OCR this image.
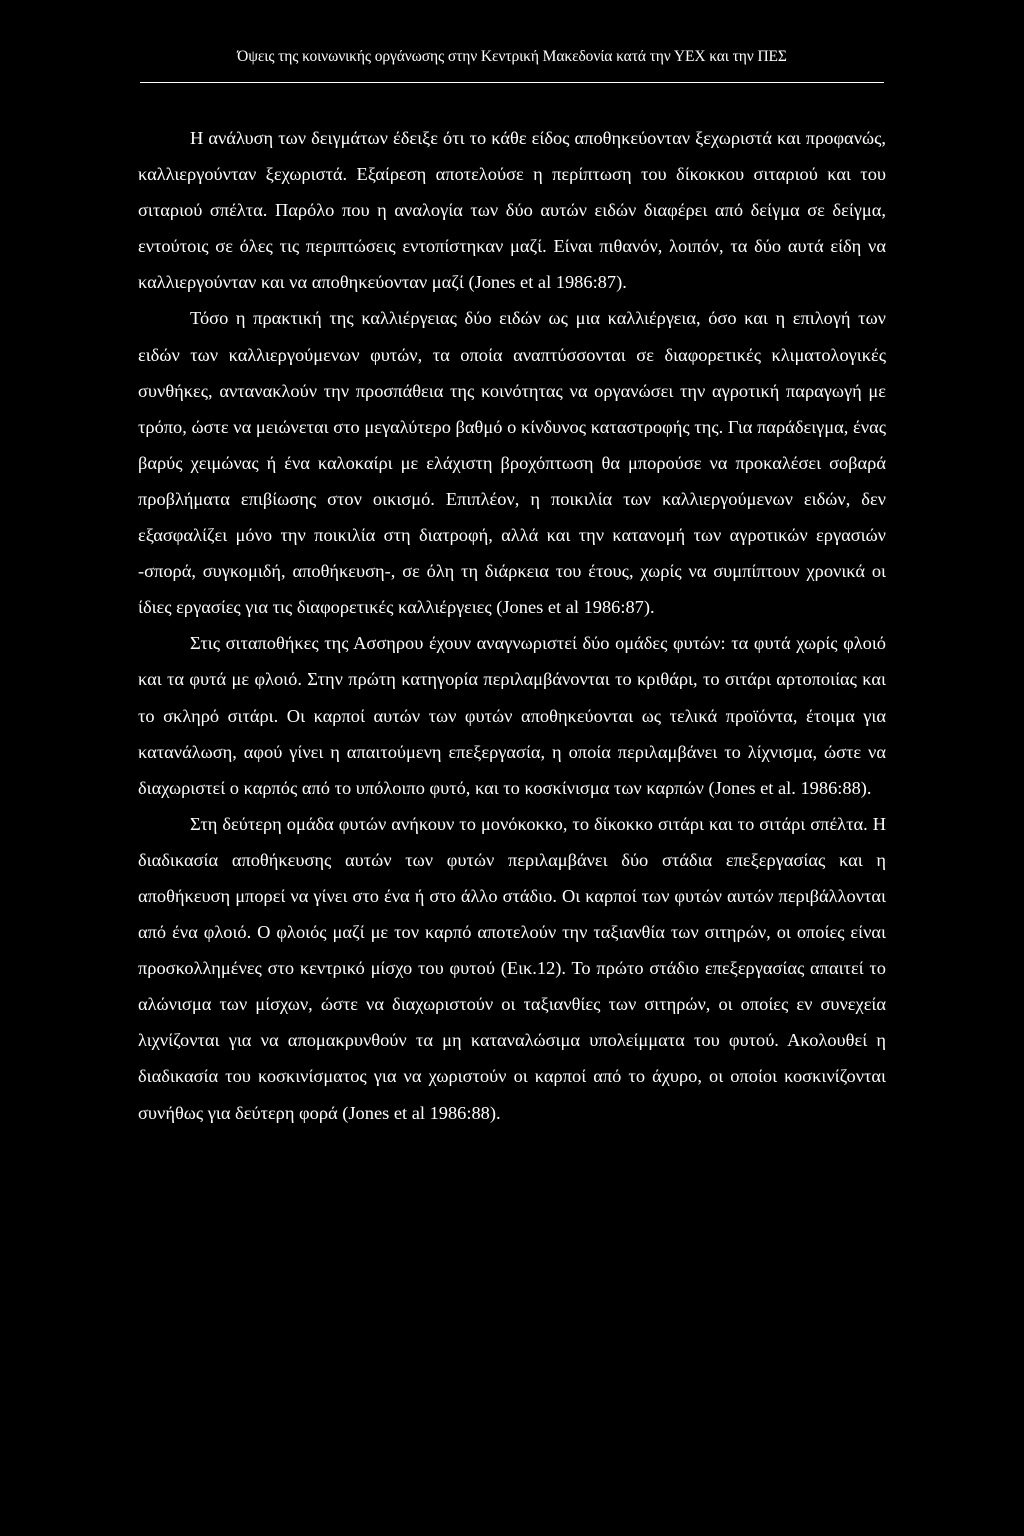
Όψεις της κοινωνικής οργάνωσης στην Κεντρική Μακεδονία κατά την ΥΕΧ και την ΠΕΣ

Η ανάλυση των δειγμάτων έδειξε ότι το κάθε είδος αποθηκεύονταν ξεχωριστά και προφανώς, καλλιεργούνταν ξεχωριστά. Εξαίρεση αποτελούσε η περίπτωση του δίκοκκου σιταριού και του σιταριού σπέλτα. Παρόλο που η αναλογία των δύο αυτών ειδών διαφέρει από δείγμα σε δείγμα, εντούτοις σε όλες τις περιπτώσεις εντοπίστηκαν μαζί. Είναι πιθανόν, λοιπόν, τα δύο αυτά είδη να καλλιεργούνταν και να αποθηκεύονταν μαζί (Jones et al 1986:87).

Τόσο η πρακτική της καλλιέργειας δύο ειδών ως μια καλλιέργεια, όσο και η επιλογή των ειδών των καλλιεργούμενων φυτών, τα οποία αναπτύσσονται σε διαφορετικές κλιματολογικές συνθήκες, αντανακλούν την προσπάθεια της κοινότητας να οργανώσει την αγροτική παραγωγή με τρόπο, ώστε να μειώνεται στο μεγαλύτερο βαθμό ο κίνδυνος καταστροφής της. Για παράδειγμα, ένας βαρύς χειμώνας ή ένα καλοκαίρι με ελάχιστη βροχόπτωση θα μπορούσε να προκαλέσει σοβαρά προβλήματα επιβίωσης στον οικισμό. Επιπλέον, η ποικιλία των καλλιεργούμενων ειδών, δεν εξασφαλίζει μόνο την ποικιλία στη διατροφή, αλλά και την κατανομή των αγροτικών εργασιών -σπορά, συγκομιδή, αποθήκευση-, σε όλη τη διάρκεια του έτους, χωρίς να συμπίπτουν χρονικά οι ίδιες εργασίες για τις διαφορετικές καλλιέργειες (Jones et al 1986:87).

Στις σιταποθήκες της Ασσηρου έχουν αναγνωριστεί δύο ομάδες φυτών: τα φυτά χωρίς φλοιό και τα φυτά με φλοιό. Στην πρώτη κατηγορία περιλαμβάνονται το κριθάρι, το σιτάρι αρτοποιίας και το σκληρό σιτάρι. Οι καρποί αυτών των φυτών αποθηκεύονται ως τελικά προϊόντα, έτοιμα για κατανάλωση, αφού γίνει η απαιτούμενη επεξεργασία, η οποία περιλαμβάνει το λίχνισμα, ώστε να διαχωριστεί ο καρπός από το υπόλοιπο φυτό, και το κοσκίνισμα των καρπών (Jones et al. 1986:88).

Στη δεύτερη ομάδα φυτών ανήκουν το μονόκοκκο, το δίκοκκο σιτάρι και το σιτάρι σπέλτα. Η διαδικασία αποθήκευσης αυτών των φυτών περιλαμβάνει δύο στάδια επεξεργασίας και η αποθήκευση μπορεί να γίνει στο ένα ή στο άλλο στάδιο. Οι καρποί των φυτών αυτών περιβάλλονται από ένα φλοιό. Ο φλοιός μαζί με τον καρπό αποτελούν την ταξιανθία των σιτηρών, οι οποίες είναι προσκολλημένες στο κεντρικό μίσχο του φυτού (Εικ.12). Το πρώτο στάδιο επεξεργασίας απαιτεί το αλώνισμα των μίσχων, ώστε να διαχωριστούν οι ταξιανθίες των σιτηρών, οι οποίες εν συνεχεία λιχνίζονται για να απομακρυνθούν τα μη καταναλώσιμα υπολείμματα του φυτού. Ακολουθεί η διαδικασία του κοσκινίσματος για να χωριστούν οι καρποί από το άχυρο, οι οποίοι κοσκινίζονται συνήθως για δεύτερη φορά (Jones et al 1986:88).
